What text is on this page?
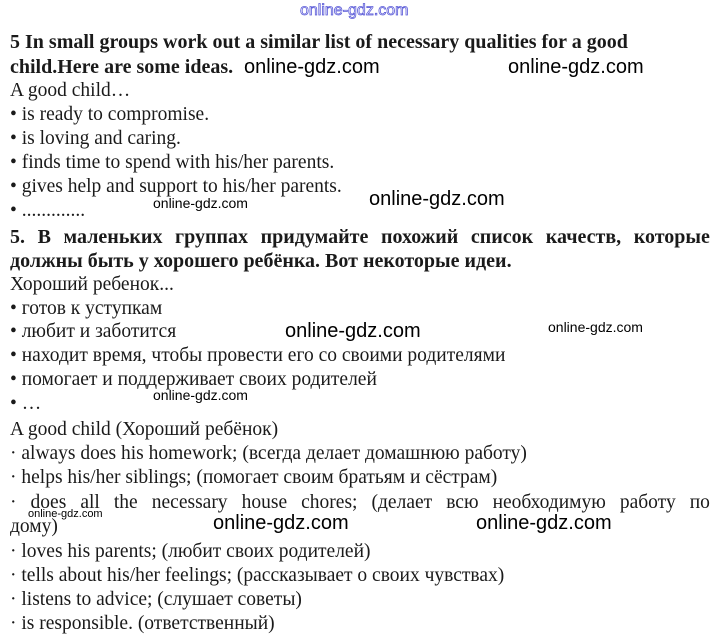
online-gdz.com
5 In small groups work out a similar list of necessary qualities for a good
child.Here are some ideas.
A good child…
• is ready to compromise.
• is loving and caring.
• finds time to spend with his/her parents.
• gives help and support to his/her parents.
• .............
5. В маленьких группах придумайте похожий список качеств, которые
должны быть у хорошего ребёнка. Вот некоторые идеи.
Хороший ребенок...
• готов к уступкам
• любит и заботится
• находит время, чтобы провести его со своими родителями
• помогает и поддерживает своих родителей
• …
A good child (Хороший ребёнок)
· always does his homework; (всегда делает домашнюю работу)
· helps his/her siblings; (помогает своим братьям и сёстрам)
· does all the necessary house chores; (делает всю необходимую работу по
дому)
· loves his parents; (любит своих родителей)
· tells about his/her feelings; (рассказывает о своих чувствах)
· listens to advice; (слушает советы)
· is responsible. (ответственный)
online-gdz.com	online-gdz.com
online-gdz.com
online-gdz.com
online-gdz.com	online-gdz.com
online-gdz.com
online-gdz.com	online-gdz.com	online-gdz.com
